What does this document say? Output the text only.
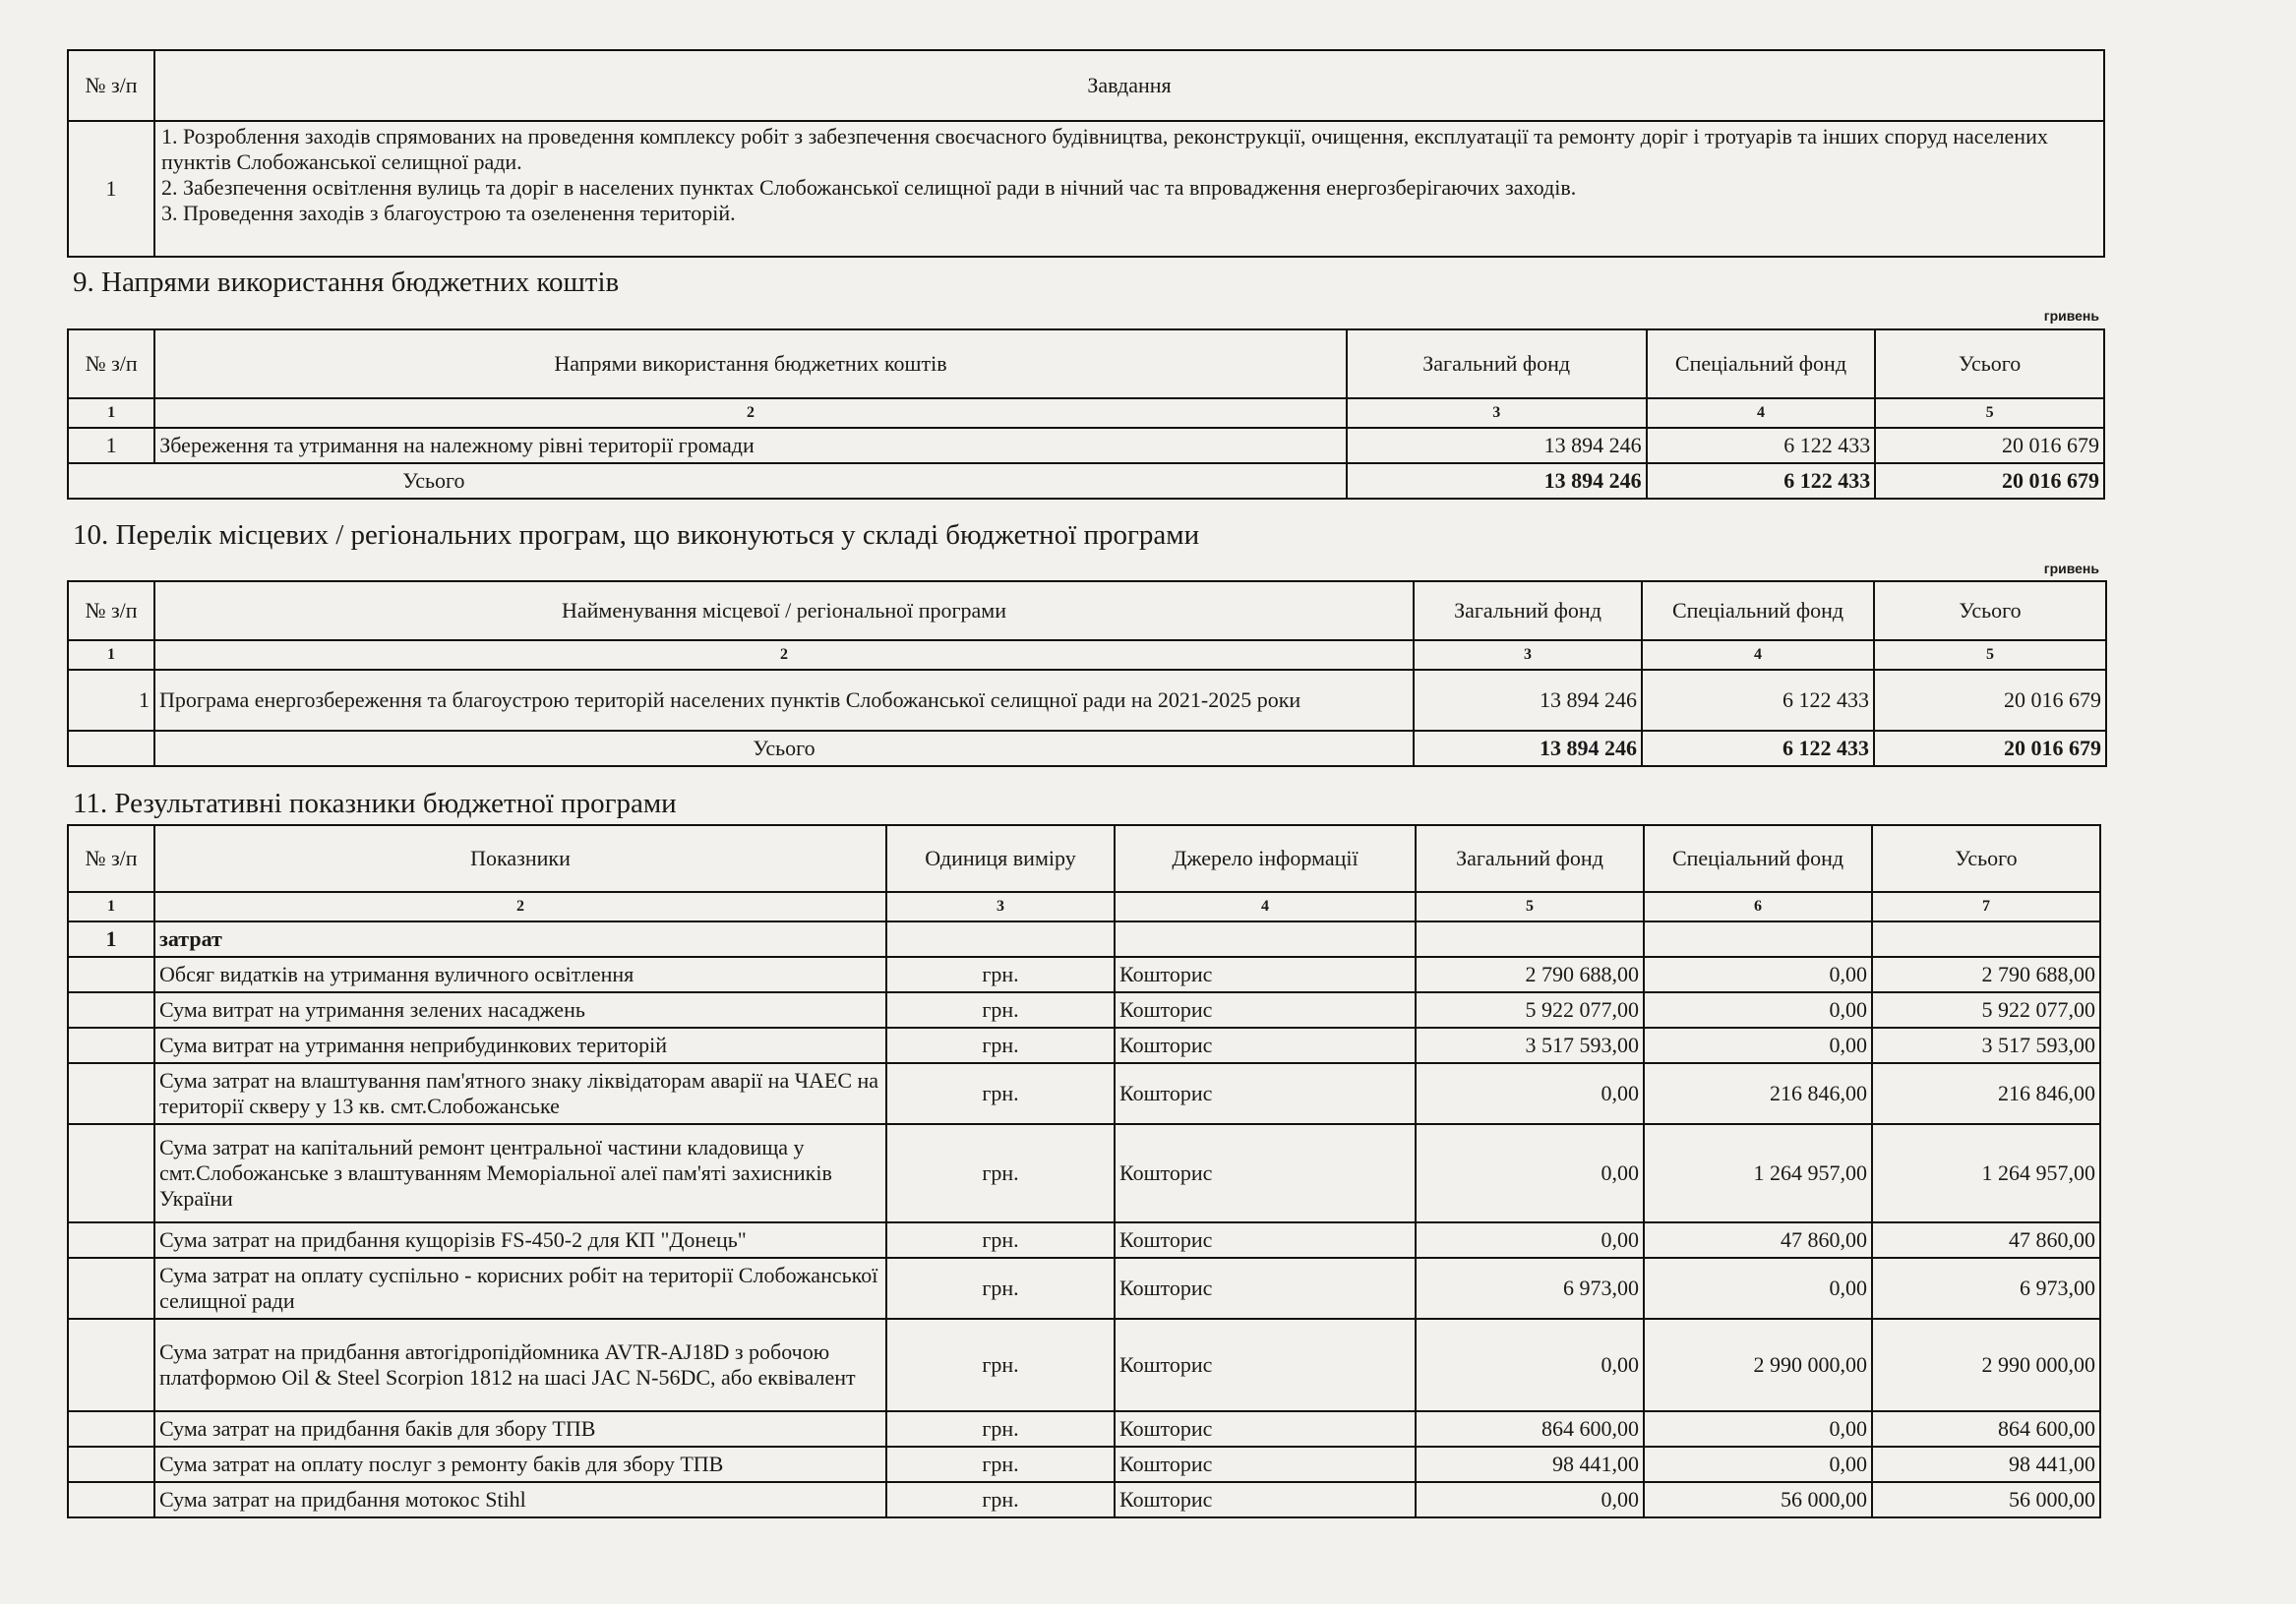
№ з/п	Завдання
1	1. Розроблення заходів спрямованих на проведення комплексу робіт з забезпечення своєчасного будівництва, реконструкції, очищення, експлуатації та ремонту доріг і тротуарів та інших споруд населених пунктів Слобожанської селищної ради.
2. Забезпечення освітлення вулиць та доріг в населених пунктах Слобожанської селищної ради в нічний час та впровадження енергозберігаючих заходів.
3. Проведення заходів з благоустрою та озеленення територій.
9. Напрями використання бюджетних коштів
гривень
№ з/п	Напрями використання бюджетних коштів	Загальний фонд	Спеціальний фонд	Усього
1	2	3	4	5
1	Збереження та утримання на належному рівні території громади	13 894 246	6 122 433	20 016 679
Усього		13 894 246	6 122 433	20 016 679
10. Перелік місцевих / регіональних програм, що виконуються у складі бюджетної програми
гривень
№ з/п	Найменування місцевої / регіональної програми	Загальний фонд	Спеціальний фонд	Усього
1	2	3	4	5
1	Програма енергозбереження та благоустрою територій населених пунктів Слобожанської селищної ради на 2021-2025 роки	13 894 246	6 122 433	20 016 679
	Усього	13 894 246	6 122 433	20 016 679
11. Результативні показники бюджетної програми
№ з/п	Показники	Одиниця виміру	Джерело інформації	Загальний фонд	Спеціальний фонд	Усього
1	2	3	4	5	6	7
1	затрат					
	Обсяг видатків на утримання вуличного освітлення	грн.	Кошторис	2 790 688,00	0,00	2 790 688,00
	Сума витрат на утримання зелених насаджень	грн.	Кошторис	5 922 077,00	0,00	5 922 077,00
	Сума витрат на утримання неприбудинкових територій	грн.	Кошторис	3 517 593,00	0,00	3 517 593,00
	Сума затрат на влаштування пам'ятного знаку ліквідаторам аварії на ЧАЕС на території скверу у 13 кв. смт.Слобожанське	грн.	Кошторис	0,00	216 846,00	216 846,00
	Сума затрат на капітальний ремонт центральної частини кладовища у смт.Слобожанське з влаштуванням Меморіальної алеї пам'яті захисників України	грн.	Кошторис	0,00	1 264 957,00	1 264 957,00
	Сума затрат на придбання кущорізів FS-450-2 для КП "Донець"	грн.	Кошторис	0,00	47 860,00	47 860,00
	Сума затрат на оплату суспільно - корисних робіт на території Слобожанської селищної ради	грн.	Кошторис	6 973,00	0,00	6 973,00
	Сума затрат на придбання автогідропідйомника AVTR-AJ18D з робочою платформою Oil & Steel Scorpion 1812 на шасі JAC N-56DC, або еквівалент	грн.	Кошторис	0,00	2 990 000,00	2 990 000,00
	Сума затрат на придбання баків для збору ТПВ	грн.	Кошторис	864 600,00	0,00	864 600,00
	Сума затрат на оплату послуг з ремонту баків для збору ТПВ	грн.	Кошторис	98 441,00	0,00	98 441,00
	Сума затрат на придбання мотокос Stihl	грн.	Кошторис	0,00	56 000,00	56 000,00
